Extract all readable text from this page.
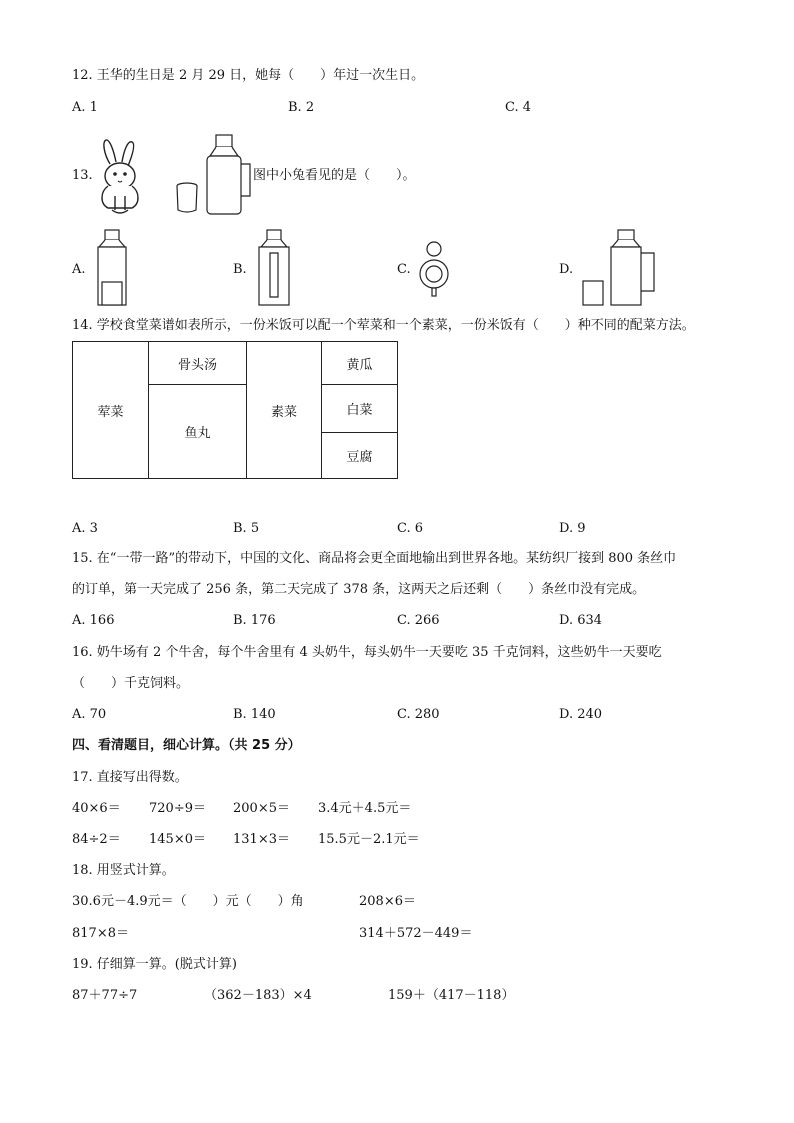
12. 王华的生日是 2 月 29 日，她每（　　）年过一次生日。
A. 1	B. 2	C. 4
13.	图中小兔看见的是（　　）。
A.	B.	C.	D.
14. 学校食堂菜谱如表所示，一份米饭可以配一个荤菜和一个素菜，一份米饭有（　　）种不同的配菜方法。
荤菜	骨头汤	素菜	黄瓜
	鱼丸		白菜
			豆腐
A. 3	B. 5	C. 6	D. 9
15. 在“一带一路”的带动下，中国的文化、商品将会更全面地输出到世界各地。某纺织厂接到 800 条丝巾
的订单，第一天完成了 256 条，第二天完成了 378 条，这两天之后还剩（　　）条丝巾没有完成。
A. 166	B. 176	C. 266	D. 634
16. 奶牛场有 2 个牛舍，每个牛舍里有 4 头奶牛，每头奶牛一天要吃 35 千克饲料，这些奶牛一天要吃
（　　）千克饲料。
A. 70	B. 140	C. 280	D. 240
四、看清题目，细心计算。（共 25 分）
17. 直接写出得数。
40×6＝ 720÷9＝ 200×5＝ 3.4元＋4.5元＝
84÷2＝ 145×0＝ 131×3＝ 15.5元－2.1元＝
18. 用竖式计算。
30.6元－4.9元＝（　　）元（　　）角	208×6＝
817×8＝	314＋572－449＝
19. 仔细算一算。(脱式计算)
87＋77÷7	（362－183）×4	159＋（417－118）
